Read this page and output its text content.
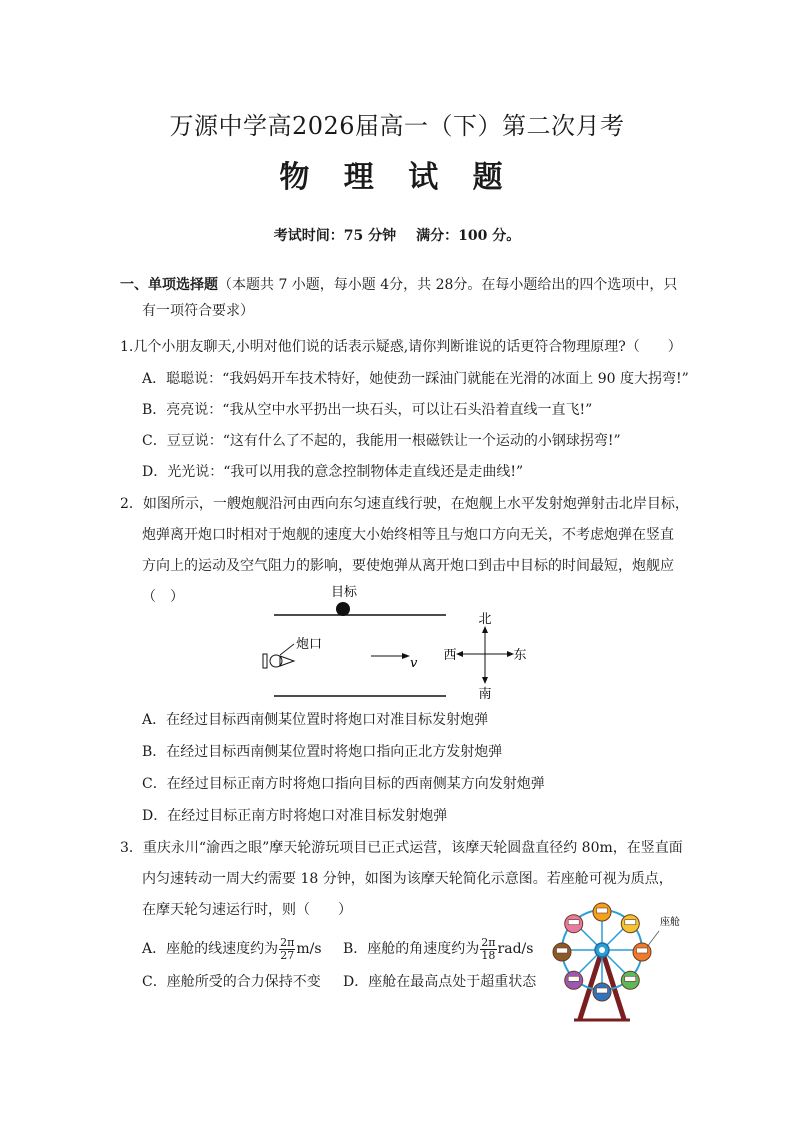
万源中学高2026届高一（下）第二次月考
物 理 试 题
考试时间：75 分钟 满分：100 分。
一、单项选择题（本题共 7 小题，每小题 4分，共 28分。在每小题给出的四个选项中，只
有一项符合要求）
1.几个小朋友聊天,小明对他们说的话表示疑惑,请你判断谁说的话更符合物理原理?（　　）
A．聪聪说：“我妈妈开车技术特好，她使劲一踩油门就能在光滑的冰面上 90 度大拐弯!”
B．亮亮说：“我从空中水平扔出一块石头，可以让石头沿着直线一直飞!”
C．豆豆说：“这有什么了不起的，我能用一根磁铁让一个运动的小钢球拐弯!”
D．光光说：“我可以用我的意念控制物体走直线还是走曲线!”
2．如图所示，一艘炮舰沿河由西向东匀速直线行驶，在炮舰上水平发射炮弹射击北岸目标，
炮弹离开炮口时相对于炮舰的速度大小始终相等且与炮口方向无关，不考虑炮弹在竖直
方向上的运动及空气阻力的影响，要使炮弹从离开炮口到击中目标的时间最短，炮舰应
（　）	目标
炮口
v
北
南
西	东
A．在经过目标西南侧某位置时将炮口对准目标发射炮弹
B．在经过目标西南侧某位置时将炮口指向正北方发射炮弹
C．在经过目标正南方时将炮口指向目标的西南侧某方向发射炮弹
D．在经过目标正南方时将炮口对准目标发射炮弹
3．重庆永川“渝西之眼”摩天轮游玩项目已正式运营，该摩天轮圆盘直径约 80m，在竖直面
内匀速转动一周大约需要 18 分钟，如图为该摩天轮简化示意图。若座舱可视为质点，
在摩天轮匀速运行时，则（　　）
A．座舱的线速度约为 $\frac{2\pi}{27} m/s$ B．座舱的角速度约为 $\frac{2\pi}{18} rad/s$
C．座舱所受的合力保持不变 D．座舱在最高点处于超重状态
座舱
